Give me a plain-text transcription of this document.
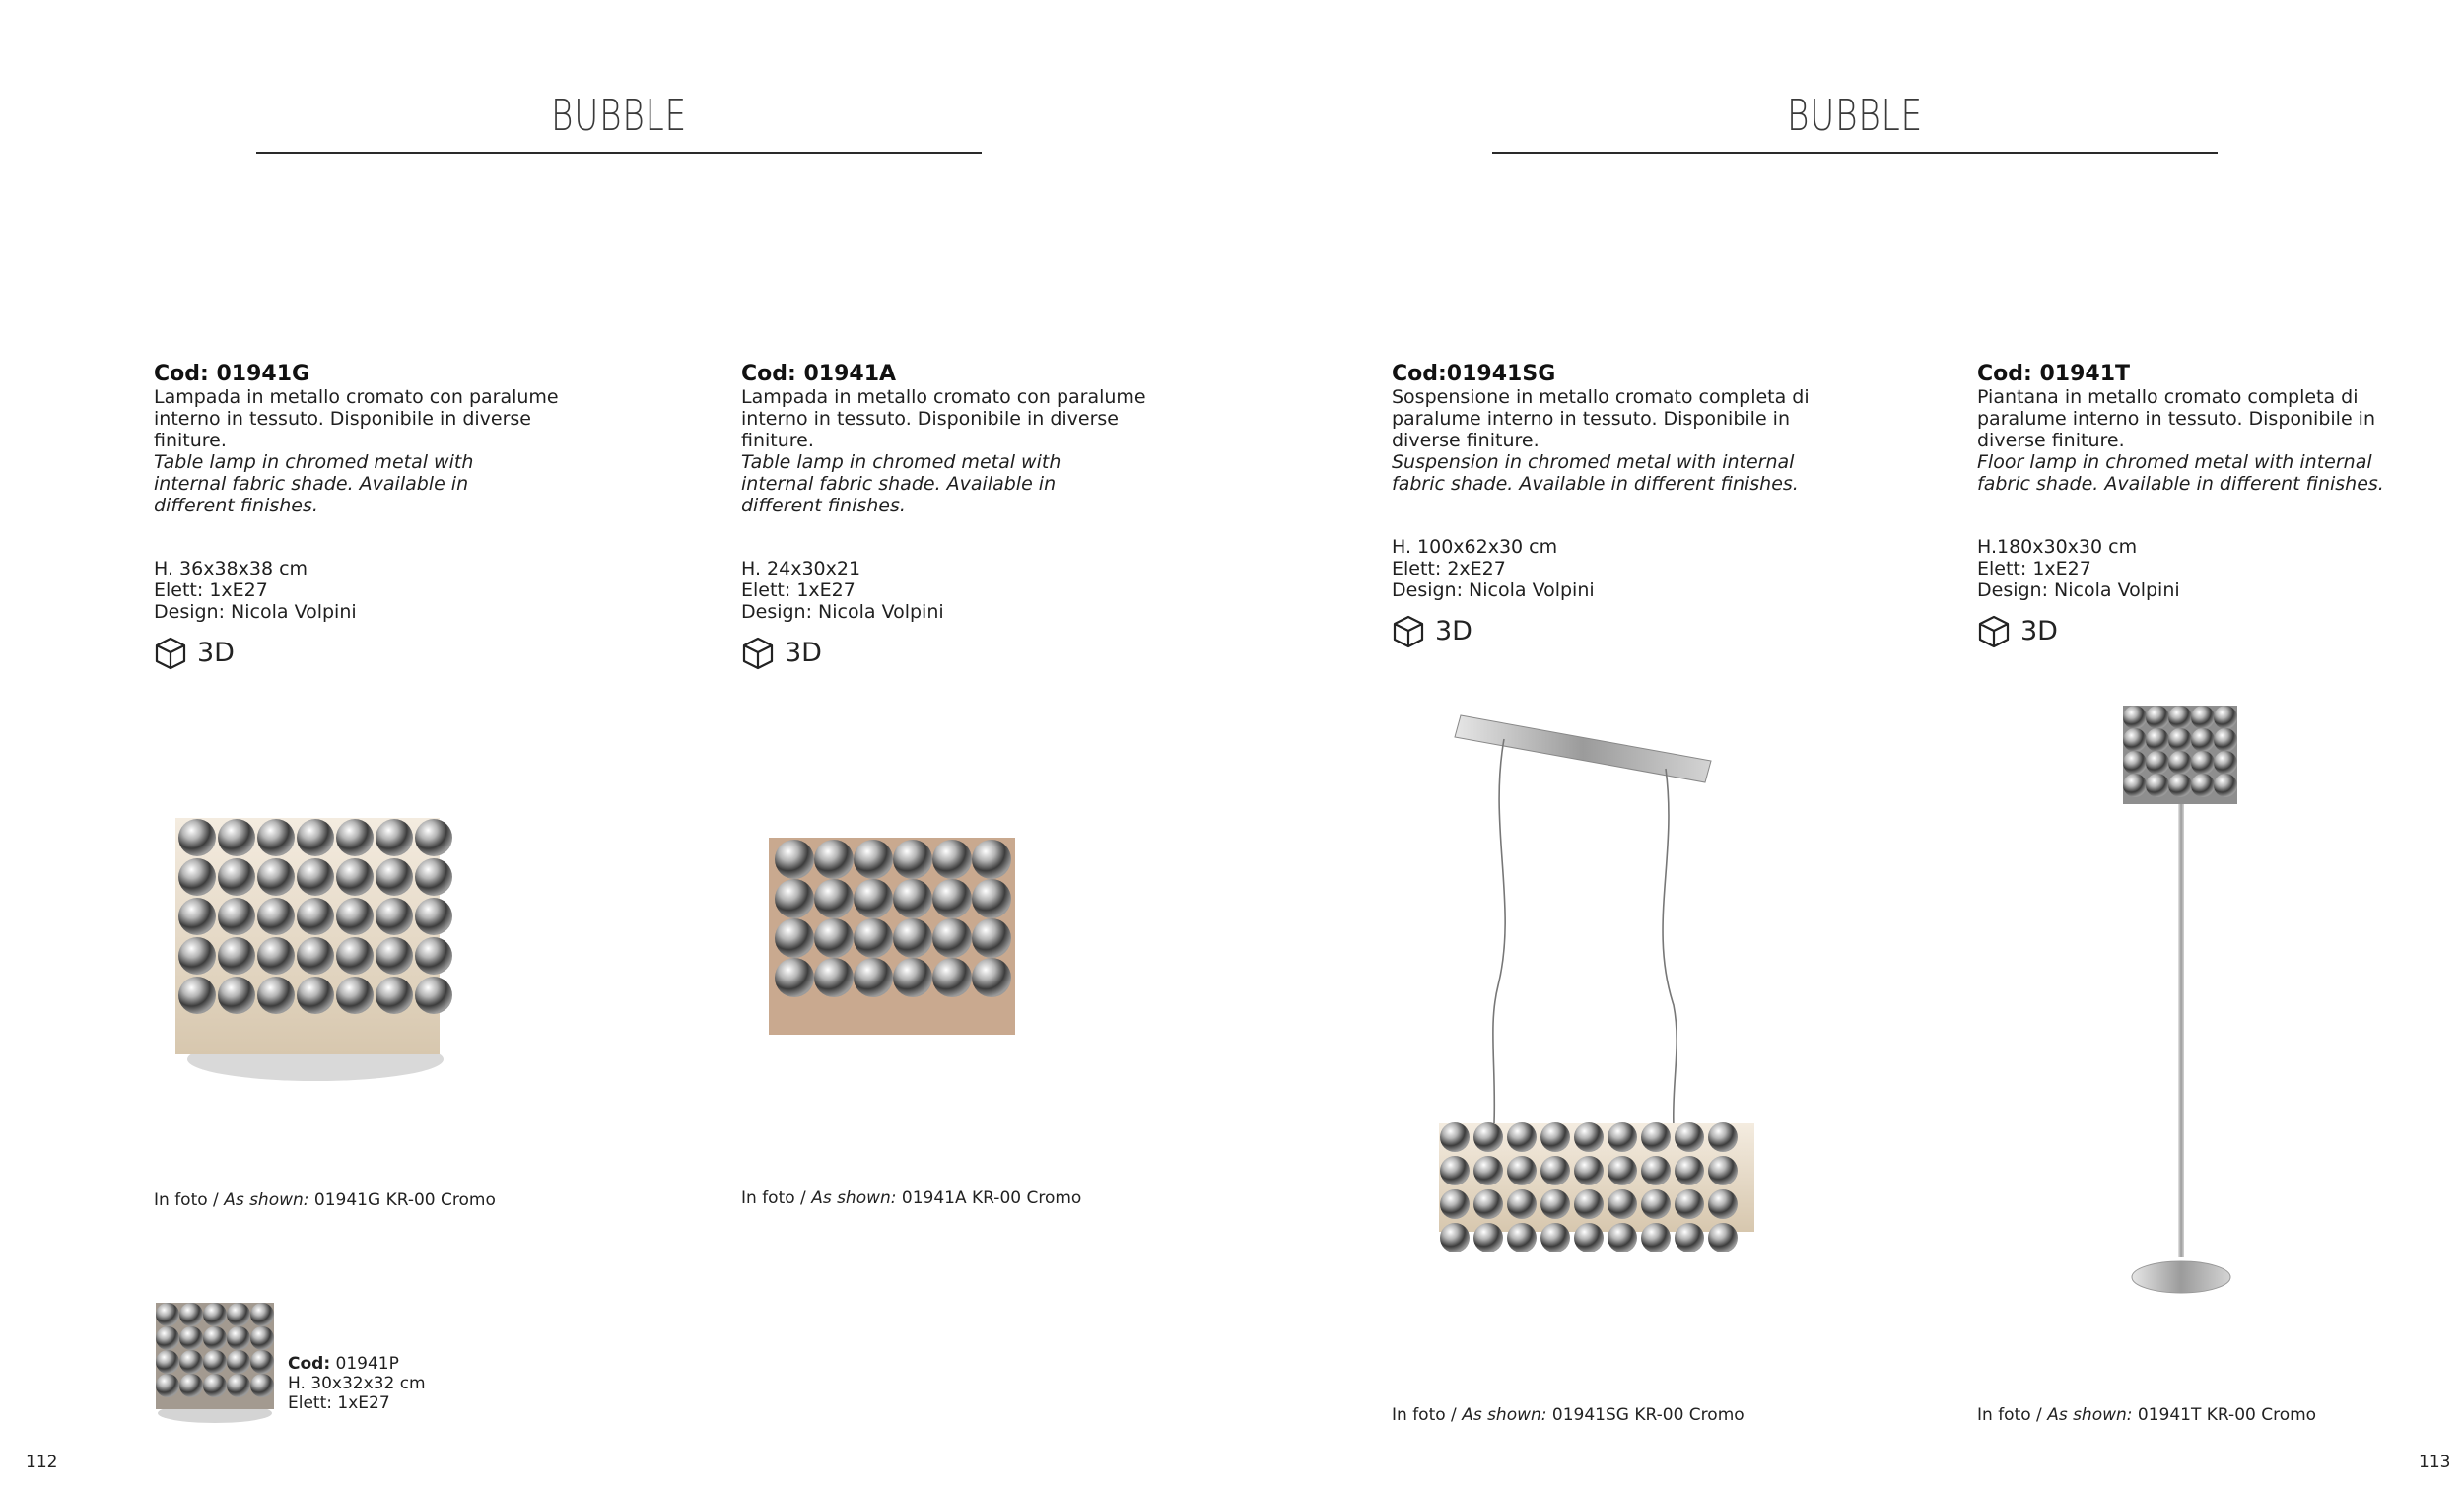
BUBBLE
Cod: 01941G
Lampada in metallo cromato con paralume interno in tessuto. Disponibile in diverse finiture.
Table lamp in chromed metal with internal fabric shade. Available in different finishes.
H. 36x38x38 cm
Elett: 1xE27
Design: Nicola Volpini
3D
Cod: 01941A
Lampada in metallo cromato con paralume interno in tessuto. Disponibile in diverse finiture.
Table lamp in chromed metal with internal fabric shade. Available in different finishes.
H. 24x30x21
Elett: 1xE27
Design: Nicola Volpini
3D
In foto / As shown: 01941G KR-00 Cromo	In foto / As shown: 01941A KR-00 Cromo
Cod: 01941P
H. 30x32x32 cm
Elett: 1xE27
112
BUBBLE
Cod:01941SG
Sospensione in metallo cromato completa di paralume interno in tessuto. Disponibile in diverse finiture.
Suspension in chromed metal with internal fabric shade. Available in different finishes.
H. 100x62x30 cm
Elett: 2xE27
Design: Nicola Volpini
3D
Cod: 01941T
Piantana in metallo cromato completa di paralume interno in tessuto. Disponibile in diverse finiture.
Floor lamp in chromed metal with internal fabric shade. Available in different finishes.
H.180x30x30 cm
Elett: 1xE27
Design: Nicola Volpini
3D
In foto / As shown: 01941SG KR-00 Cromo	In foto / As shown: 01941T KR-00 Cromo
113
